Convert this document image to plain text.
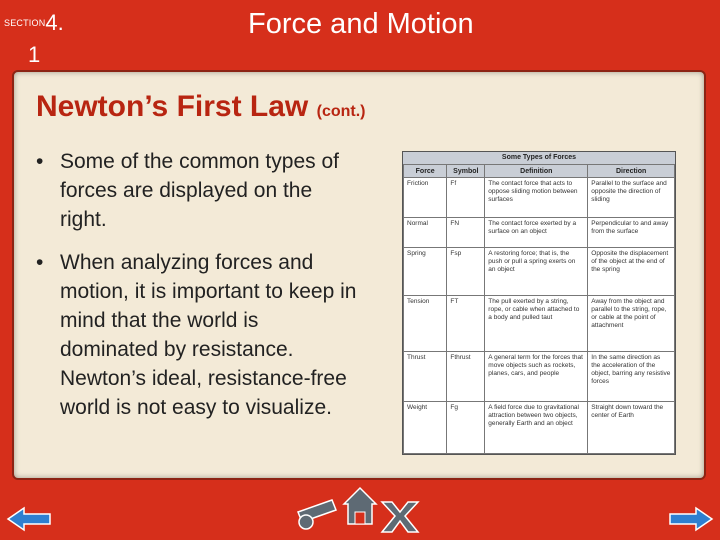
SECTION4.
1
Force and Motion
Newton’s First Law (cont.)
• Some of the common types of forces are displayed on the right.
• When analyzing forces and motion, it is important to keep in mind that the world is dominated by resistance. Newton’s ideal, resistance-free world is not easy to visualize.
Some Types of Forces
Force	Symbol	Definition	Direction
Friction	Ff	The contact force that acts to oppose sliding motion between surfaces	Parallel to the surface and opposite the direction of sliding
Normal	FN	The contact force exerted by a surface on an object	Perpendicular to and away from the surface
Spring	Fsp	A restoring force; that is, the push or pull a spring exerts on an object	Opposite the displacement of the object at the end of the spring
Tension	FT	The pull exerted by a string, rope, or cable when attached to a body and pulled taut	Away from the object and parallel to the string, rope, or cable at the point of attachment
Thrust	Fthrust	A general term for the forces that move objects such as rockets, planes, cars, and people	In the same direction as the acceleration of the object, barring any resistive forces
Weight	Fg	A field force due to gravitational attraction between two objects, generally Earth and an object	Straight down toward the center of Earth
